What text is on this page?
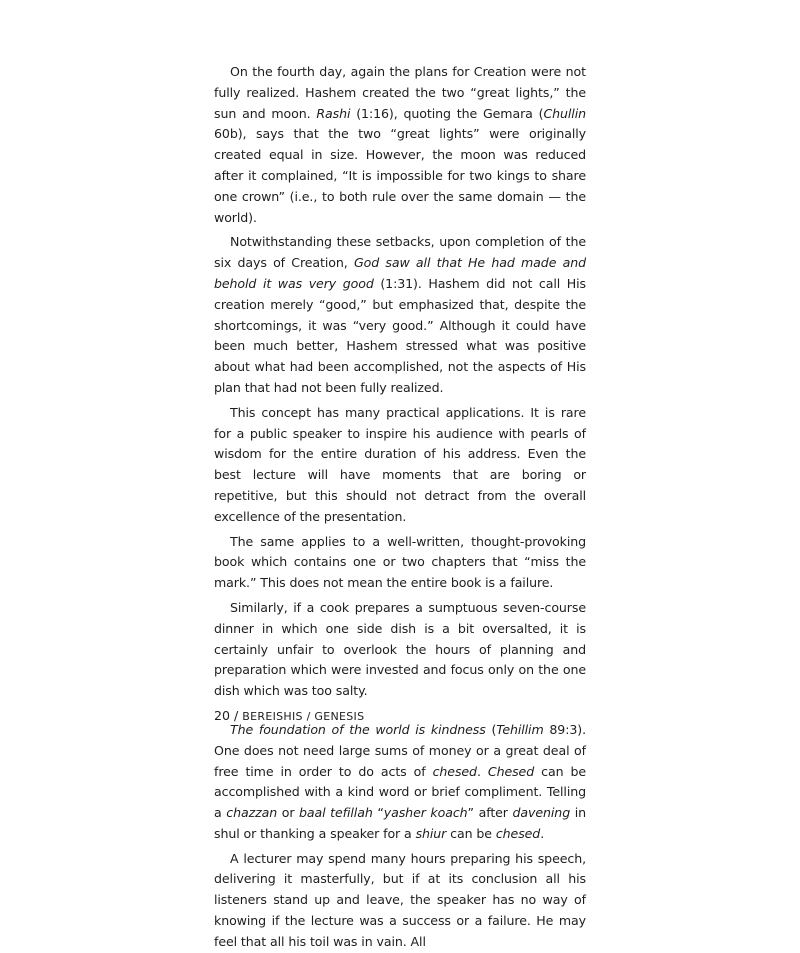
On the fourth day, again the plans for Creation were not fully realized. Hashem created the two “great lights,” the sun and moon. Rashi (1:16), quoting the Gemara (Chullin 60b), says that the two “great lights” were originally created equal in size. However, the moon was reduced after it complained, “It is impossible for two kings to share one crown” (i.e., to both rule over the same domain — the world).

Notwithstanding these setbacks, upon completion of the six days of Creation, God saw all that He had made and behold it was very good (1:31). Hashem did not call His creation merely “good,” but emphasized that, despite the shortcomings, it was “very good.” Although it could have been much better, Hashem stressed what was positive about what had been accomplished, not the aspects of His plan that had not been fully realized.

This concept has many practical applications. It is rare for a public speaker to inspire his audience with pearls of wisdom for the entire duration of his address. Even the best lecture will have moments that are boring or repetitive, but this should not detract from the overall excellence of the presentation.

The same applies to a well-written, thought-provoking book which contains one or two chapters that “miss the mark.” This does not mean the entire book is a failure.

Similarly, if a cook prepares a sumptuous seven-course dinner in which one side dish is a bit oversalted, it is certainly unfair to overlook the hours of planning and preparation which were invested and focus only on the one dish which was too salty.

The foundation of the world is kindness (Tehillim 89:3). One does not need large sums of money or a great deal of free time in order to do acts of chesed. Chesed can be accomplished with a kind word or brief compliment. Telling a chazzan or baal tefillah “yasher koach” after davening in shul or thanking a speaker for a shiur can be chesed.

A lecturer may spend many hours preparing his speech, delivering it masterfully, but if at its conclusion all his listeners stand up and leave, the speaker has no way of knowing if the lecture was a success or a failure. He may feel that all his toil was in vain. All

20 / BEREISHIS / GENESIS
